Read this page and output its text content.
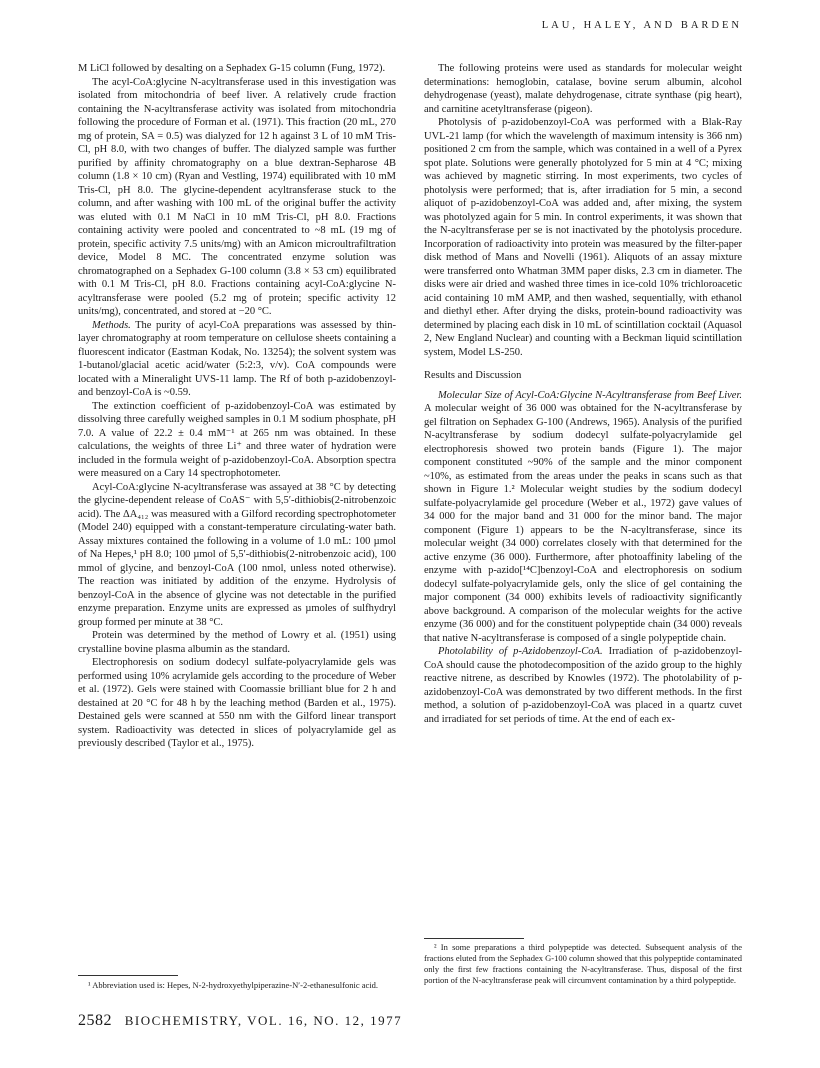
LAU, HALEY, AND BARDEN

M LiCl followed by desalting on a Sephadex G-15 column (Fung, 1972).

The acyl-CoA:glycine N-acyltransferase used in this investigation was isolated from mitochondria of beef liver. A relatively crude fraction containing the N-acyltransferase activity was isolated from mitochondria following the procedure of Forman et al. (1971). This fraction (20 mL, 270 mg of protein, SA = 0.5) was dialyzed for 12 h against 3 L of 10 mM Tris-Cl, pH 8.0, with two changes of buffer. The dialyzed sample was further purified by affinity chromatography on a blue dextran-Sepharose 4B column (1.8 × 10 cm) (Ryan and Vestling, 1974) equilibrated with 10 mM Tris-Cl, pH 8.0. The glycine-dependent acyltransferase stuck to the column, and after washing with 100 mL of the original buffer the activity was eluted with 0.1 M NaCl in 10 mM Tris-Cl, pH 8.0. Fractions containing activity were pooled and concentrated to ~8 mL (19 mg of protein, specific activity 7.5 units/mg) with an Amicon microultrafiltration device, Model 8 MC. The concentrated enzyme solution was chromatographed on a Sephadex G-100 column (3.8 × 53 cm) equilibrated with 0.1 M Tris-Cl, pH 8.0. Fractions containing acyl-CoA:glycine N-acyltransferase were pooled (5.2 mg of protein; specific activity 12 units/mg), concentrated, and stored at −20 °C.

Methods. The purity of acyl-CoA preparations was assessed by thin-layer chromatography at room temperature on cellulose sheets containing a fluorescent indicator (Eastman Kodak, No. 13254); the solvent system was 1-butanol/glacial acetic acid/water (5:2:3, v/v). CoA compounds were located with a Mineralight UVS-11 lamp. The Rf of both p-azidobenzoyl- and benzoyl-CoA is ~0.59.

The extinction coefficient of p-azidobenzoyl-CoA was estimated by dissolving three carefully weighed samples in 0.1 M sodium phosphate, pH 7.0. A value of 22.2 ± 0.4 mM⁻¹ at 265 nm was obtained. In these calculations, the weights of three Li⁺ and three water of hydration were included in the formula weight of p-azidobenzoyl-CoA. Absorption spectra were measured on a Cary 14 spectrophotometer.

Acyl-CoA:glycine N-acyltransferase was assayed at 38 °C by detecting the glycine-dependent release of CoAS⁻ with 5,5′-dithiobis(2-nitrobenzoic acid). The ΔA₄₁₂ was measured with a Gilford recording spectrophotometer (Model 240) equipped with a constant-temperature circulating-water bath. Assay mixtures contained the following in a volume of 1.0 mL: 100 µmol of Na Hepes,¹ pH 8.0; 100 µmol of 5,5′-dithiobis(2-nitrobenzoic acid), 100 mmol of glycine, and benzoyl-CoA (100 nmol, unless noted otherwise). The reaction was initiated by addition of the enzyme. Hydrolysis of benzoyl-CoA in the absence of glycine was not detectable in the purified enzyme preparation. Enzyme units are expressed as µmoles of sulfhydryl group formed per minute at 38 °C.

Protein was determined by the method of Lowry et al. (1951) using crystalline bovine plasma albumin as the standard.

Electrophoresis on sodium dodecyl sulfate-polyacrylamide gels was performed using 10% acrylamide gels according to the procedure of Weber et al. (1972). Gels were stained with Coomassie brilliant blue for 2 h and destained at 20 °C for 48 h by the leaching method (Barden et al., 1975). Destained gels were scanned at 550 nm with the Gilford linear transport system. Radioactivity was detected in slices of polyacrylamide gel as previously described (Taylor et al., 1975).

The following proteins were used as standards for molecular weight determinations: hemoglobin, catalase, bovine serum albumin, alcohol dehydrogenase (yeast), malate dehydrogenase, citrate synthase (pig heart), and carnitine acetyltransferase (pigeon).

Photolysis of p-azidobenzoyl-CoA was performed with a Blak-Ray UVL-21 lamp (for which the wavelength of maximum intensity is 366 nm) positioned 2 cm from the sample, which was contained in a well of a Pyrex spot plate. Solutions were generally photolyzed for 5 min at 4 °C; mixing was achieved by magnetic stirring. In most experiments, two cycles of photolysis were performed; that is, after irradiation for 5 min, a second aliquot of p-azidobenzoyl-CoA was added and, after mixing, the system was photolyzed again for 5 min. In control experiments, it was shown that the N-acyltransferase per se is not inactivated by the photolysis procedure. Incorporation of radioactivity into protein was measured by the filter-paper disk method of Mans and Novelli (1961). Aliquots of an assay mixture were transferred onto Whatman 3MM paper disks, 2.3 cm in diameter. The disks were air dried and washed three times in ice-cold 10% trichloroacetic acid containing 10 mM AMP, and then washed, sequentially, with ethanol and diethyl ether. After drying the disks, protein-bound radioactivity was determined by placing each disk in 10 mL of scintillation cocktail (Aquasol 2, New England Nuclear) and counting with a Beckman liquid scintillation system, Model LS-250.

Results and Discussion

Molecular Size of Acyl-CoA:Glycine N-Acyltransferase from Beef Liver. A molecular weight of 36 000 was obtained for the N-acyltransferase by gel filtration on Sephadex G-100 (Andrews, 1965). Analysis of the purified N-acyltransferase by sodium dodecyl sulfate-polyacrylamide gel electrophoresis showed two protein bands (Figure 1). The major component constituted ~90% of the sample and the minor component ~10%, as estimated from the areas under the peaks in scans such as that shown in Figure 1.² Molecular weight studies by the sodium dodecyl sulfate-polyacrylamide gel procedure (Weber et al., 1972) gave values of 34 000 for the major band and 31 000 for the minor band. The major component (Figure 1) appears to be the N-acyltransferase, since its molecular weight (34 000) correlates closely with that determined for the active enzyme (36 000). Furthermore, after photoaffinity labeling of the enzyme with p-azido[¹⁴C]benzoyl-CoA and electrophoresis on sodium dodecyl sulfate-polyacrylamide gels, only the slice of gel containing the major component (34 000) exhibits levels of radioactivity significantly above background. A comparison of the molecular weights for the active enzyme (36 000) and for the constituent polypeptide chain (34 000) reveals that native N-acyltransferase is composed of a single polypeptide chain.

Photolability of p-Azidobenzoyl-CoA. Irradiation of p-azidobenzoyl-CoA should cause the photodecomposition of the azido group to the highly reactive nitrene, as described by Knowles (1972). The photolability of p-azidobenzoyl-CoA was demonstrated by two different methods. In the first method, a solution of p-azidobenzoyl-CoA was placed in a quartz cuvet and irradiated for set periods of time. At the end of each ex-

¹ Abbreviation used is: Hepes, N-2-hydroxyethylpiperazine-N′-2-ethanesulfonic acid.

² In some preparations a third polypeptide was detected. Subsequent analysis of the fractions eluted from the Sephadex G-100 column showed that this polypeptide contaminated only the first few fractions containing the N-acyltransferase. Thus, disposal of the first portion of the N-acyltransferase peak will circumvent contamination by a third polypeptide.

2582 BIOCHEMISTRY, VOL. 16, NO. 12, 1977
